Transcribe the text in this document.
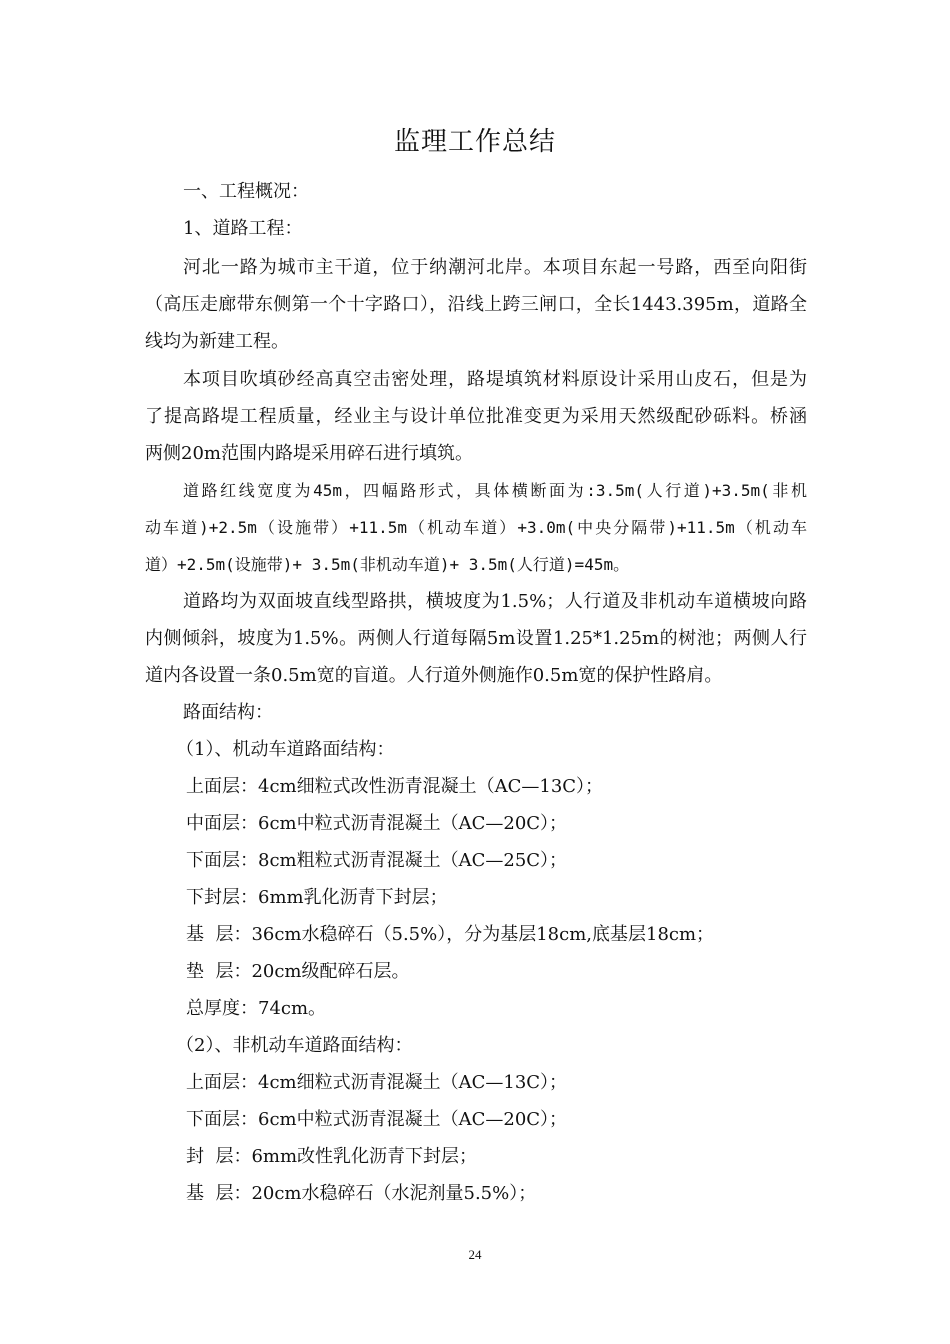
监理工作总结
一、工程概况：
1、道路工程：
河北一路为城市主干道，位于纳潮河北岸。本项目东起一号路，西至向阳街
（高压走廊带东侧第一个十字路口），沿线上跨三闸口，全长1443.395m，道路全
线均为新建工程。
本项目吹填砂经高真空击密处理，路堤填筑材料原设计采用山皮石，但是为
了提高路堤工程质量，经业主与设计单位批准变更为采用天然级配砂砾料。桥涵
两侧20m范围内路堤采用碎石进行填筑。
道路红线宽度为45m，四幅路形式，具体横断面为:3.5m(人行道)+3.5m(非机
动车道)+2.5m（设施带）+11.5m（机动车道）+3.0m(中央分隔带)+11.5m（机动车
道）+2.5m(设施带)+ 3.5m(非机动车道)+ 3.5m(人行道)=45m。
道路均为双面坡直线型路拱，横坡度为1.5%；人行道及非机动车道横坡向路
内侧倾斜，坡度为1.5%。两侧人行道每隔5m设置1.25*1.25m的树池；两侧人行
道内各设置一条0.5m宽的盲道。人行道外侧施作0.5m宽的保护性路肩。
路面结构：
（1）、机动车道路面结构：
上面层：4cm细粒式改性沥青混凝土（AC—13C）；
中面层：6cm中粒式沥青混凝土（AC—20C）；
下面层：8cm粗粒式沥青混凝土（AC—25C）；
下封层：6mm乳化沥青下封层；
基  层：36cm水稳碎石（5.5%），分为基层18cm,底基层18cm；
垫  层：20cm级配碎石层。
总厚度：74cm。
（2）、非机动车道路面结构：
上面层：4cm细粒式沥青混凝土（AC—13C）；
下面层：6cm中粒式沥青混凝土（AC—20C）；
封  层：6mm改性乳化沥青下封层；
基  层：20cm水稳碎石（水泥剂量5.5%）；
24
